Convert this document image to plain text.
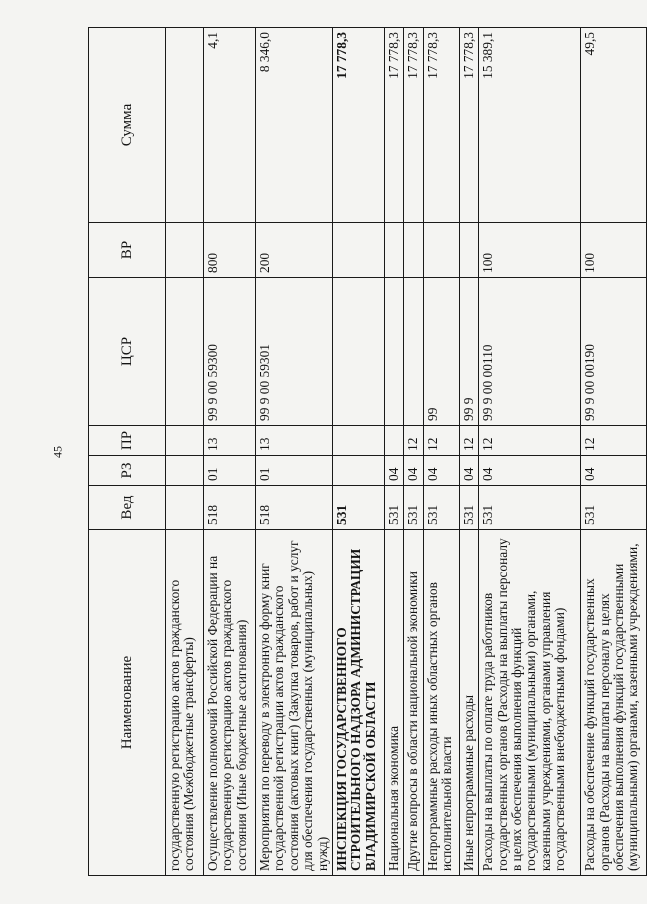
45
Наименование	Вед	РЗ	ПР	ЦСР	ВР	Сумма
государственную регистрацию актов гражданского состояния (Межбюджетные трансферты)						
Осуществление полномочий Российской Федерации на государственную регистрацию актов гражданского состояния (Иные бюджетные ассигнования)	518	01	13	99 9 00 59300	800	4,1
Мероприятия по переводу в электронную форму книг государственной регистрации актов гражданского состояния (актовых книг) (Закупка товаров, работ и услуг для обеспечения государственных (муниципальных) нужд)	518	01	13	99 9 00 59301	200	8 346,0
ИНСПЕКЦИЯ ГОСУДАРСТВЕННОГО СТРОИТЕЛЬНОГО НАДЗОРА АДМИНИСТРАЦИИ ВЛАДИМИРСКОЙ ОБЛАСТИ	531					17 778,3
Национальная экономика	531	04				17 778,3
Другие вопросы в области национальной экономики	531	04	12			17 778,3
Непрограммные расходы иных областных органов исполнительной власти	531	04	12	99		17 778,3
Иные непрограммные расходы	531	04	12	99 9		17 778,3
Расходы на выплаты по оплате труда работников государственных органов (Расходы на выплаты персоналу в целях обеспечения выполнения функций государственными (муниципальными) органами, казенными учреждениями, органами управления государственными внебюджетными фондами)	531	04	12	99 9 00 00110	100	15 389,1
Расходы на обеспечение функций государственных органов (Расходы на выплаты персоналу в целях обеспечения выполнения функций государственными (муниципальными) органами, казенными учреждениями,	531	04	12	99 9 00 00190	100	49,5
